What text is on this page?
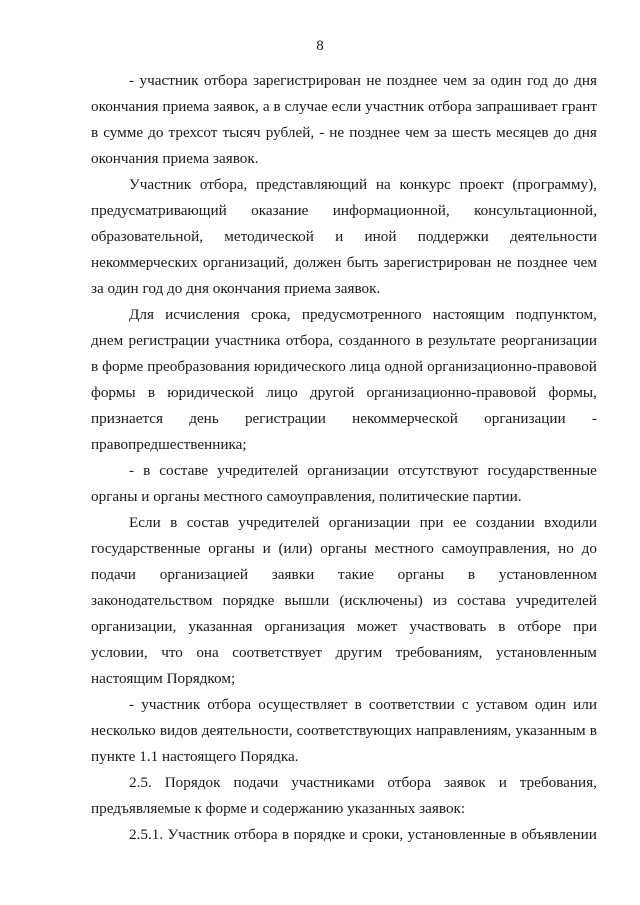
8
- участник отбора зарегистрирован не позднее чем за один год до дня
окончания приема заявок, а в случае если участник отбора запрашивает грант
в сумме до трехсот тысяч рублей, - не позднее чем за шесть месяцев до дня
окончания приема заявок.
Участник отбора, представляющий на конкурс проект (программу),
предусматривающий оказание информационной, консультационной,
образовательной, методической и иной поддержки деятельности
некоммерческих организаций, должен быть зарегистрирован не позднее чем
за один год до дня окончания приема заявок.
Для исчисления срока, предусмотренного настоящим подпунктом,
днем регистрации участника отбора, созданного в результате реорганизации
в форме преобразования юридического лица одной организационно-правовой
формы в юридической лицо другой организационно-правовой формы,
признается день регистрации некоммерческой организации -
правопредшественника;
- в составе учредителей организации отсутствуют государственные
органы и органы местного самоуправления, политические партии.
Если в состав учредителей организации при ее создании входили
государственные органы и (или) органы местного самоуправления, но до
подачи организацией заявки такие органы в установленном
законодательством порядке вышли (исключены) из состава учредителей
организации, указанная организация может участвовать в отборе при
условии, что она соответствует другим требованиям, установленным
настоящим Порядком;
- участник отбора осуществляет в соответствии с уставом один или
несколько видов деятельности, соответствующих направлениям, указанным в
пункте 1.1 настоящего Порядка.
2.5. Порядок подачи участниками отбора заявок и требования,
предъявляемые к форме и содержанию указанных заявок:
2.5.1. Участник отбора в порядке и сроки, установленные в объявлении
